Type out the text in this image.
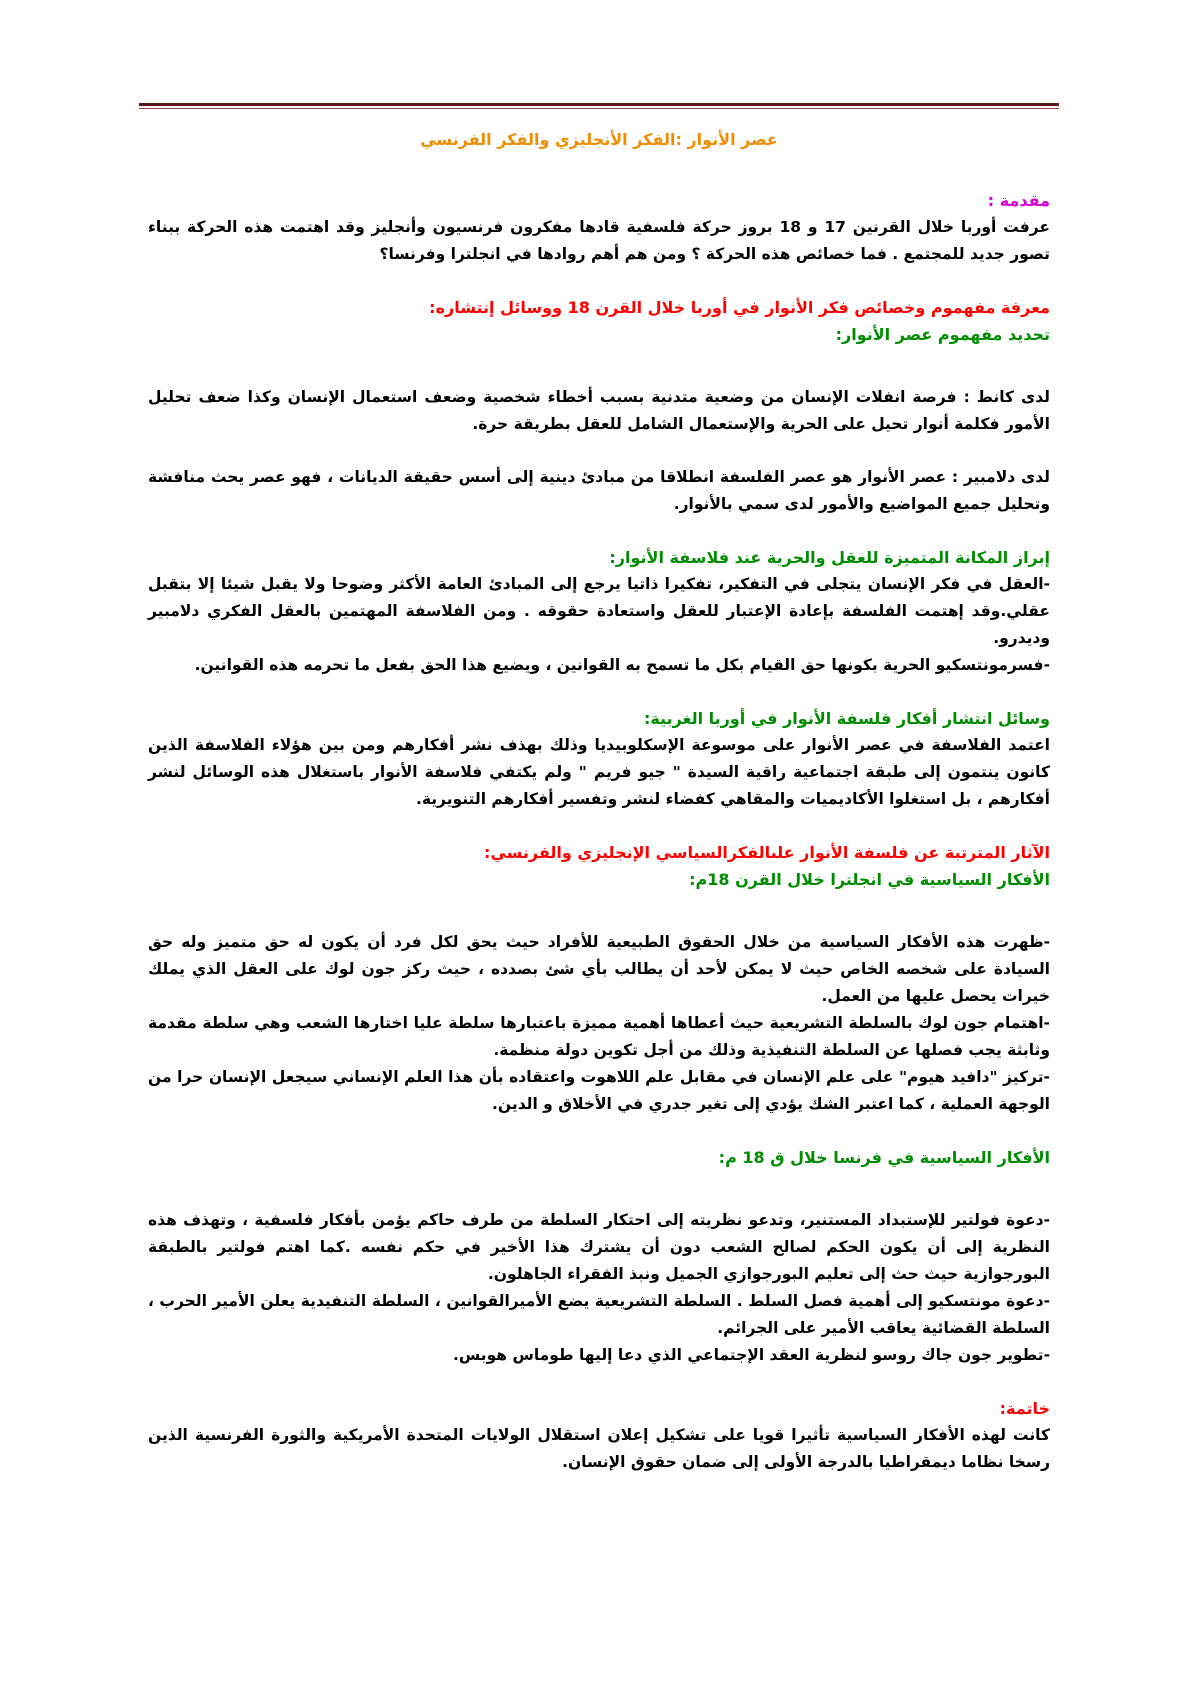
عصر الأنوار :الفكر الأنجليزي والفكر الفرنسي

مقدمة :

عرفت أوربا خلال القرنين 17 و 18 بروز حركة فلسفية قادها مفكرون فرنسيون وأنجليز وقد اهتمت هذه الحركة ببناء تصور جديد للمجتمع . فما خصائص هذه الحركة ؟ ومن هم أهم روادها في انجلترا وفرنسا؟

معرفة مفهموم وخصائص فكر الأنوار في أوربا خلال القرن 18 ووسائل إنتشاره:

تحديد مفهموم عصر الأنوار:

لدى كانط : فرصة انفلات الإنسان من وضعية متدنية بسبب أخطاء شخصية وضعف استعمال الإنسان وكذا ضعف تحليل الأمور فكلمة أنوار تحيل على الحرية والإستعمال الشامل للعقل بطريقة حرة.

لدى دلامبير : عصر الأنوار هو عصر الفلسفة انطلاقا من مبادئ دينية إلى أسس حقيقة الديانات ، فهو عصر يحث منافشة وتحليل جميع المواضيع والأمور لدى سمي بالأنوار.

إبراز المكانة المتميزة للعقل والحرية عند فلاسفة الأنوار:

-العقل في فكر الإنسان يتجلى في التفكير، تفكيرا ذاتيا يرجع إلى المبادئ العامة الأكثر وضوحا ولا يقبل شيئا إلا بتقبل عقلي.وقد إهتمت الفلسفة بإعادة الإعتبار للعقل واستعادة حقوقه . ومن الفلاسفة المهتمين بالعقل الفكري دلامبير وديدرو.

-فسرمونتسكيو الحرية بكونها حق القيام بكل ما تسمح به القوانين ، ويضيع هذا الحق بفعل ما تحرمه هذه القوانين.

وسائل انتشار أفكار فلسفة الأنوار في أوربا الغربية:

اعتمد الفلاسفة في عصر الأنوار على موسوعة الإسكلوبيديا وذلك بهذف نشر أفكارهم ومن بين هؤلاء الفلاسفة الذين كانون ينتمون إلى طبقة اجتماعية راقية السيدة " جيو فريم " ولم يكتفي فلاسفة الأنوار باستغلال هذه الوسائل لنشر أفكارهم ، بل استغلوا الأكاديميات والمقاهي كفضاء لنشر وتفسير أفكارهم التنويرية.

الآثار المترتبة عن فلسفة الأنوار علىالفكرالسياسي الإنجليزي والفرنسي:

الأفكار السياسية في انجلترا خلال القرن 18م:

-ظهرت هذه الأفكار السياسية من خلال الحقوق الطبيعية للأفراد حيث يحق لكل فرد أن يكون له حق متميز وله حق السيادة على شخصه الخاص حيث لا يمكن لأحد أن يطالب بأي شئ بصدده ، حيث ركز جون لوك على العقل الذي يملك خيرات يحصل عليها من العمل.

-اهتمام جون لوك بالسلطة التشريعية حيث أعطاها أهمية مميزة باعتبارها سلطة عليا اختارها الشعب وهي سلطة مقدمة وثابثة يجب فصلها عن السلطة التنفيذية وذلك من أجل تكوين دولة منظمة.

-تركيز "دافيد هيوم" على علم الإنسان في مقابل علم اللاهوت واعتقاده بأن هذا العلم الإنساني سيجعل الإنسان حرا من الوجهة العملية ، كما اعتبر الشك يؤدي إلى تغير جدري في الأخلاق و الدين.

الأفكار السياسية في فرنسا خلال ق 18 م:

-دعوة فولتير للإستبداد المستنير، وتدعو نظريته إلى احتكار السلطة من طرف حاكم يؤمن بأفكار فلسفية ، وتهذف هذه النظرية إلى أن يكون الحكم لصالح الشعب دون أن يشترك هذا الأخير في حكم نفسه .كما اهتم فولتير بالطبقة البورجوازية حيث حث إلى تعليم البورجوازي الجميل ونبذ الفقراء الجاهلون.

-دعوة مونتسكيو إلى أهمية فصل السلط . السلطة التشريعية يضع الأميرالقوانين ، السلطة التنفيدية يعلن الأمير الحرب ، السلطة القضائية يعاقب الأمير على الجرائم.

-تطوير جون جاك روسو لنظرية العقد الإجتماعي الذي دعا إليها طوماس هوبس.

خاتمة:

كانت لهذه الأفكار السياسية تأثيرا قويا على تشكيل إعلان استقلال الولايات المتحدة الأمريكية والثورة الفرنسية الذين رسخا نظاما ديمقراطيا بالدرجة الأولى إلى ضمان حقوق الإنسان.
